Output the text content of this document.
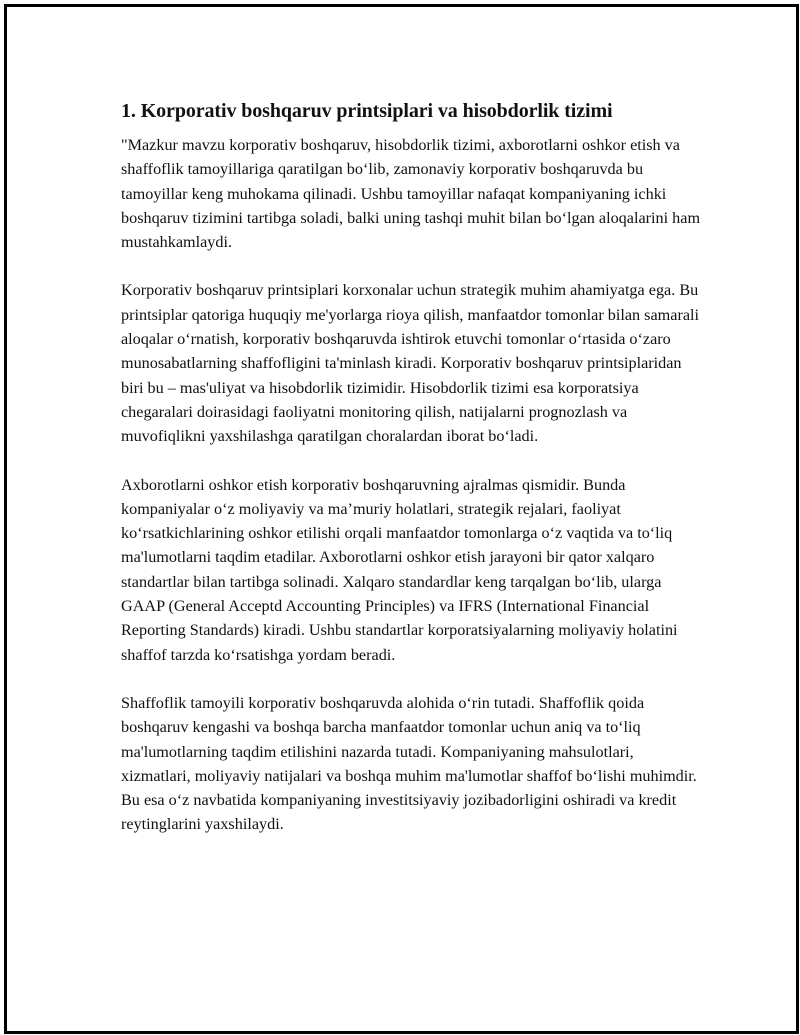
1. Korporativ boshqaruv printsiplari va hisobdorlik tizimi

"Mazkur mavzu korporativ boshqaruv, hisobdorlik tizimi, axborotlarni oshkor etish va shaffoflik tamoyillariga qaratilgan bo‘lib, zamonaviy korporativ boshqaruvda bu tamoyillar keng muhokama qilinadi. Ushbu tamoyillar nafaqat kompaniyaning ichki boshqaruv tizimini tartibga soladi, balki uning tashqi muhit bilan bo‘lgan aloqalarini ham mustahkamlaydi.

Korporativ boshqaruv printsiplari korxonalar uchun strategik muhim ahamiyatga ega. Bu printsiplar qatoriga huquqiy me'yorlarga rioya qilish, manfaatdor tomonlar bilan samarali aloqalar o‘rnatish, korporativ boshqaruvda ishtirok etuvchi tomonlar o‘rtasida o‘zaro munosabatlarning shaffofligini ta'minlash kiradi. Korporativ boshqaruv printsiplaridan biri bu – mas'uliyat va hisobdorlik tizimidir. Hisobdorlik tizimi esa korporatsiya chegaralari doirasidagi faoliyatni monitoring qilish, natijalarni prognozlash va muvofiqlikni yaxshilashga qaratilgan choralardan iborat bo‘ladi.

Axborotlarni oshkor etish korporativ boshqaruvning ajralmas qismidir. Bunda kompaniyalar o‘z moliyaviy va ma’muriy holatlari, strategik rejalari, faoliyat ko‘rsatkichlarining oshkor etilishi orqali manfaatdor tomonlarga o‘z vaqtida va to‘liq ma'lumotlarni taqdim etadilar. Axborotlarni oshkor etish jarayoni bir qator xalqaro standartlar bilan tartibga solinadi. Xalqaro standardlar keng tarqalgan bo‘lib, ularga GAAP (General Acceptd Accounting Principles) va IFRS (International Financial Reporting Standards) kiradi. Ushbu standartlar korporatsiyalarning moliyaviy holatini shaffof tarzda ko‘rsatishga yordam beradi.

Shaffoflik tamoyili korporativ boshqaruvda alohida o‘rin tutadi. Shaffoflik qoida boshqaruv kengashi va boshqa barcha manfaatdor tomonlar uchun aniq va to‘liq ma'lumotlarning taqdim etilishini nazarda tutadi. Kompaniyaning mahsulotlari, xizmatlari, moliyaviy natijalari va boshqa muhim ma'lumotlar shaffof bo‘lishi muhimdir. Bu esa o‘z navbatida kompaniyaning investitsiyaviy jozibadorligini oshiradi va kredit reytinglarini yaxshilaydi.
